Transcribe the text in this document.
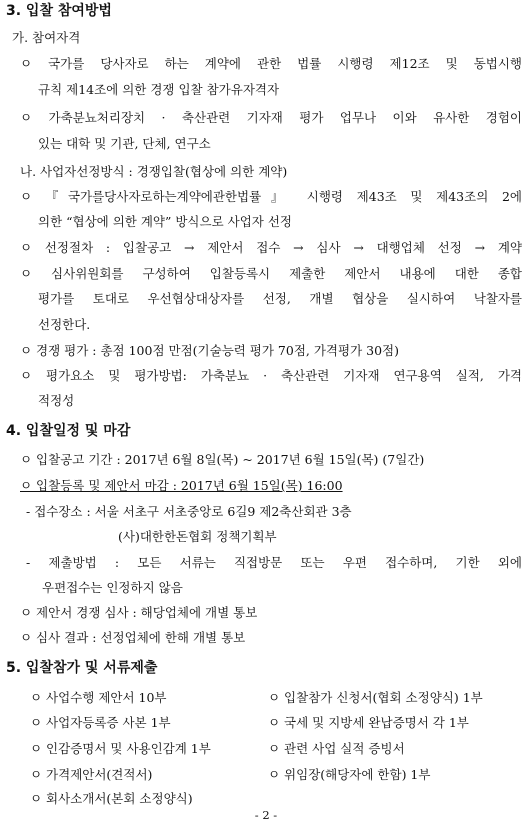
3. 입찰 참여방법
가. 참여자격
ㅇ 국가를 당사자로 하는 계약에 관한 법률 시행령 제12조 및 동법시행
규칙 제14조에 의한 경쟁 입찰 참가유자격자
ㅇ 가축분뇨처리장치 · 축산관련 기자재 평가 업무나 이와 유사한 경험이
있는 대학 및 기관, 단체, 연구소
나. 사업자선정방식 : 경쟁입찰(협상에 의한 계약)
ㅇ 『국가를당사자로하는계약에관한법률』 시행령 제43조 및 제43조의 2에
의한 “협상에 의한 계약” 방식으로 사업자 선정
ㅇ 선정절차 : 입찰공고 → 제안서 접수 → 심사 → 대행업체 선정 → 계약
ㅇ 심사위원회를 구성하여 입찰등록시 제출한 제안서 내용에 대한 종합
평가를 토대로 우선협상대상자를 선정, 개별 협상을 실시하여 낙찰자를
선정한다.
ㅇ 경쟁 평가 : 총점 100점 만점(기술능력 평가 70점, 가격평가 30점)
ㅇ 평가요소 및 평가방법: 가축분뇨 · 축산관련 기자재 연구용역 실적, 가격
적정성
4. 입찰일정 및 마감
ㅇ 입찰공고 기간 : 2017년 6월 8일(목) ~ 2017년 6월 15일(목) (7일간)
ㅇ 입찰등록 및 제안서 마감 : 2017년 6월 15일(목) 16:00
- 접수장소 : 서울 서초구 서초중앙로 6길9 제2축산회관 3층
(사)대한한돈협회 정책기획부
- 제출방법 : 모든 서류는 직접방문 또는 우편 접수하며, 기한 외에
우편접수는 인정하지 않음
ㅇ 제안서 경쟁 심사 : 해당업체에 개별 통보
ㅇ 심사 결과 : 선정업체에 한해 개별 통보
5. 입찰참가 및 서류제출
ㅇ 사업수행 제안서 10부
ㅇ 사업자등록증 사본 1부
ㅇ 인감증명서 및 사용인감계 1부
ㅇ 가격제안서(견적서)
ㅇ 회사소개서(본회 소정양식)
ㅇ 입찰참가 신청서(협회 소정양식) 1부
ㅇ 국세 및 지방세 완납증명서 각 1부
ㅇ 관련 사업 실적 증빙서
ㅇ 위임장(해당자에 한함) 1부
- 2 -
